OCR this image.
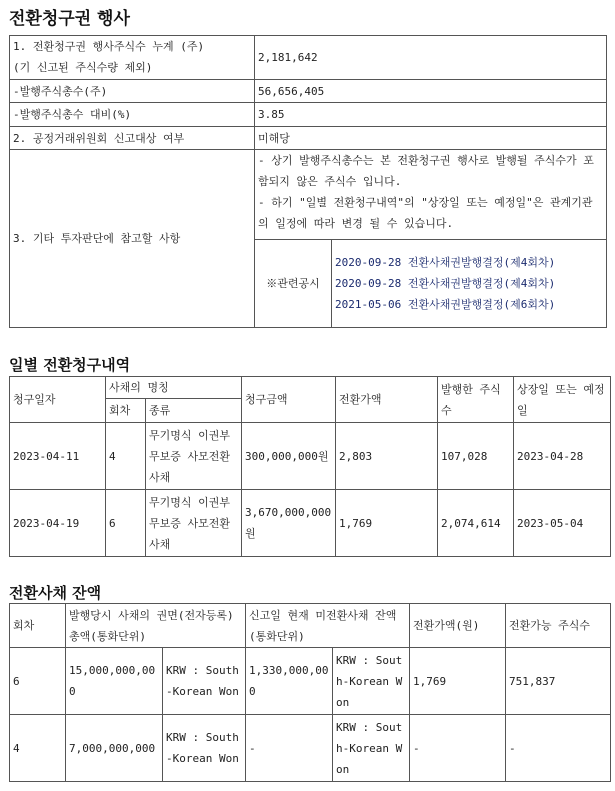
전환청구권 행사
1. 전환청구권 행사주식수 누계 (주)
(기 신고된 주식수량 제외)	2,181,642	
-발행주식총수(주)	56,656,405	
-발행주식총수 대비(%)	3.85	
2. 공정거래위원회 신고대상 여부	미해당	
3. 기타 투자판단에 참고할 사항	- 상기 발행주식총수는 본 전환청구권 행사로 발행될 주식수가 포함되지 않은 주식수 입니다.
- 하기 "일별 전환청구내역"의 "상장일 또는 예정일"은 관계기관의 일정에 따라 변경 될 수 있습니다.	

	※관련공시	2020-09-28 전환사채권발행결정(제4회차)
2020-09-28 전환사채권발행결정(제4회차)
2021-05-06 전환사채권발행결정(제6회차)
일별 전환청구내역
청구일자	사채의 명칭		청구금액	전환가액	발행한 주식수	상장일 또는 예정일
	회차	종류				
2023-04-11	4	무기명식 이권부 무보증 사모전환사채	300,000,000원	2,803	107,028	2023-04-28
2023-04-19	6	무기명식 이권부 무보증 사모전환사채	3,670,000,000원	1,769	2,074,614	2023-05-04
전환사채 잔액
회차	발행당시 사채의 권면(전자등록)총액(통화단위)		신고일 현재 미전환사채 잔액 (통화단위)		전환가액(원)	전환가능 주식수
6	15,000,000,000	KRW : South-Korean Won	1,330,000,000	KRW : South-Korean Won	1,769	751,837
4	7,000,000,000	KRW : South-Korean Won	-	KRW : South-Korean Won	-	-
